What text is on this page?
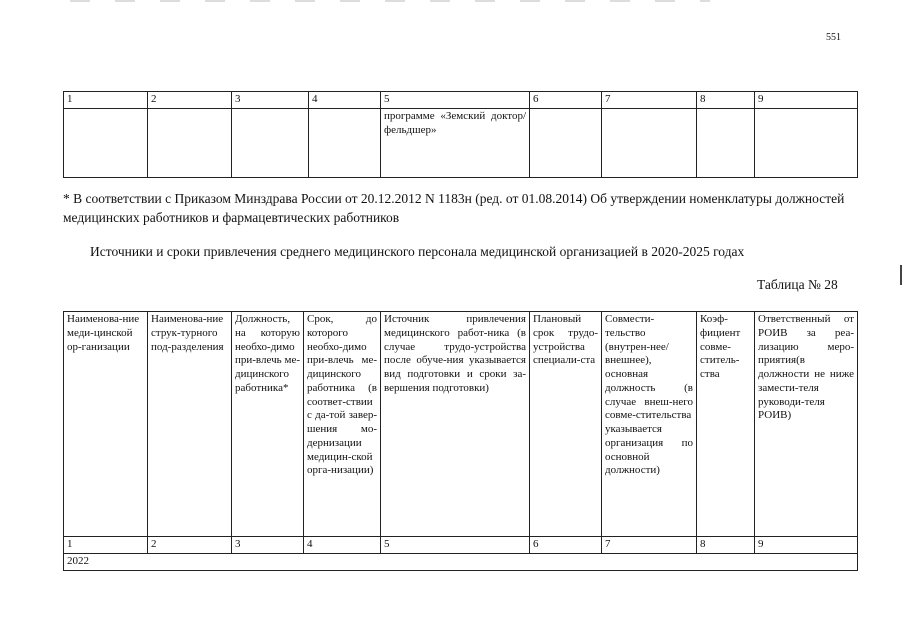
551
1	2	3	4	5	6	7	8	9
				программе «Земский доктор/фельдшер»				
* В соответствии с Приказом Минздрава России от 20.12.2012 N 1183н (ред. от 01.08.2014) Об утверждении номенклатуры должностей медицинских работников и фармацевтических работников
Источники и сроки привлечения среднего медицинского персонала медицинской организацией в 2020-2025 годах
Таблица № 28
Наименова-ние меди-цинской ор-ганизации	Наименова-ние струк-турного под-разделения	Должность, на которую необхо-димо при-влечь ме-дицинского работника*	Срок, до которого необхо-димо при-влечь ме-дицинского работника (в соответ-ствии с да-той завер-шения мо-дернизации медицин-ской орга-низации)	Источник привлечения медицинского работ-ника (в случае трудо-устройства после обуче-ния указывается вид подготовки и сроки за-вершения подготовки)	Плановый срок трудо-устройства специали-ста	Совмести-тельство (внутрен-нее/внешнее), основная должность (в случае внеш-него совме-стительства указывается организация по основной должности)	Коэф-фициент совме-ститель-ства	Ответственный от РОИВ за реа-лизацию меро-приятия(в должности не ниже замести-теля руководи-теля РОИВ)
1	2	3	4	5	6	7	8	9
2022								
